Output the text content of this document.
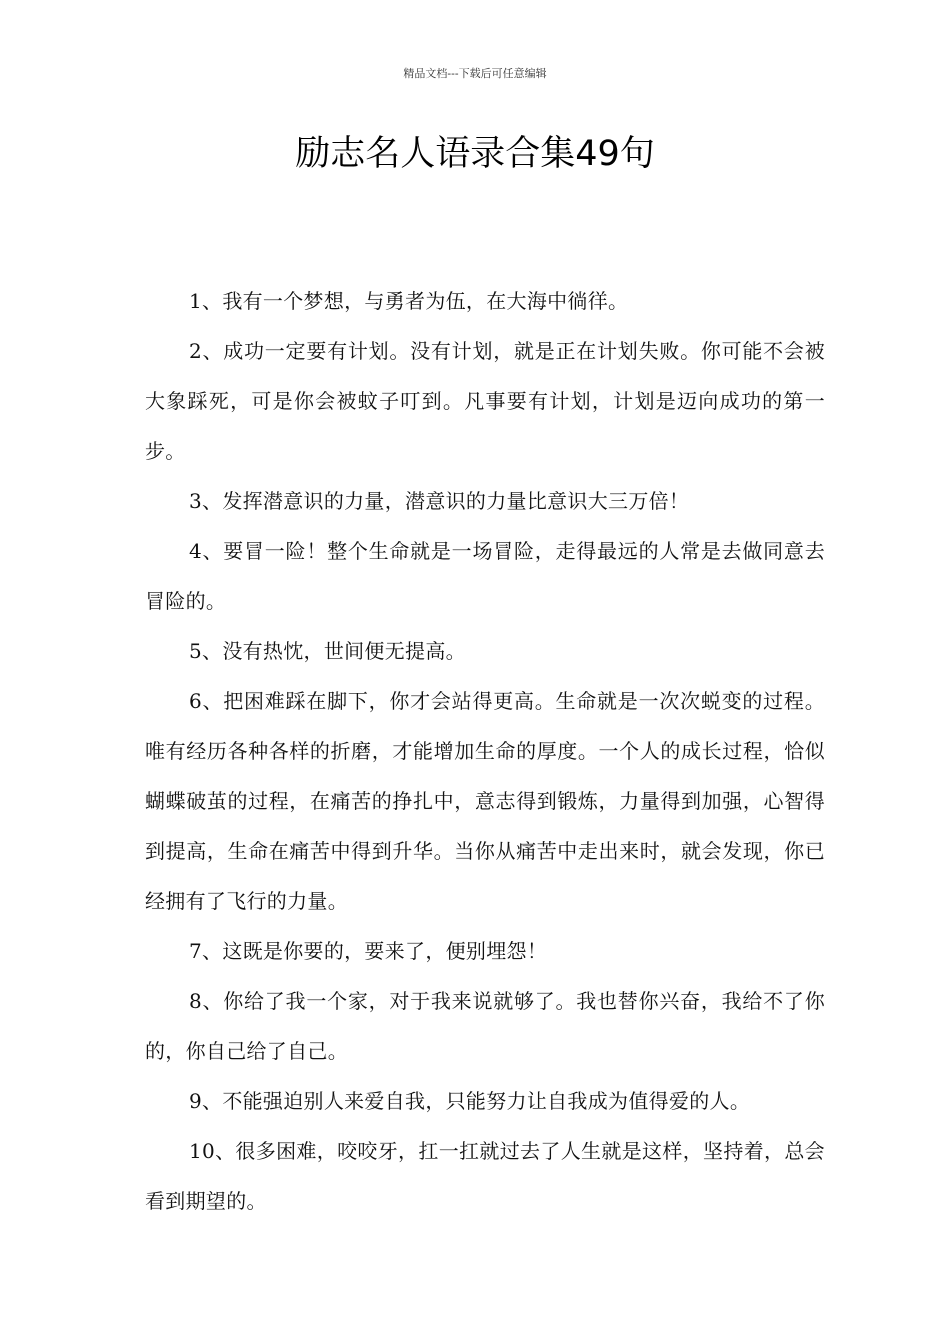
精品文档---下载后可任意编辑
励志名人语录合集49句

1、我有一个梦想，与勇者为伍，在大海中徜徉。

2、成功一定要有计划。没有计划，就是正在计划失败。你可能不会被大象踩死，可是你会被蚊子叮到。凡事要有计划，计划是迈向成功的第一步。

3、发挥潜意识的力量，潜意识的力量比意识大三万倍！

4、要冒一险！整个生命就是一场冒险，走得最远的人常是去做同意去冒险的。

5、没有热忱，世间便无提高。

6、把困难踩在脚下，你才会站得更高。生命就是一次次蜕变的过程。唯有经历各种各样的折磨，才能增加生命的厚度。一个人的成长过程，恰似蝴蝶破茧的过程，在痛苦的挣扎中，意志得到锻炼，力量得到加强，心智得到提高，生命在痛苦中得到升华。当你从痛苦中走出来时，就会发现，你已经拥有了飞行的力量。

7、这既是你要的，要来了，便别埋怨！

8、你给了我一个家，对于我来说就够了。我也替你兴奋，我给不了你的，你自己给了自己。

9、不能强迫别人来爱自我，只能努力让自我成为值得爱的人。

10、很多困难，咬咬牙，扛一扛就过去了人生就是这样，坚持着，总会看到期望的。
